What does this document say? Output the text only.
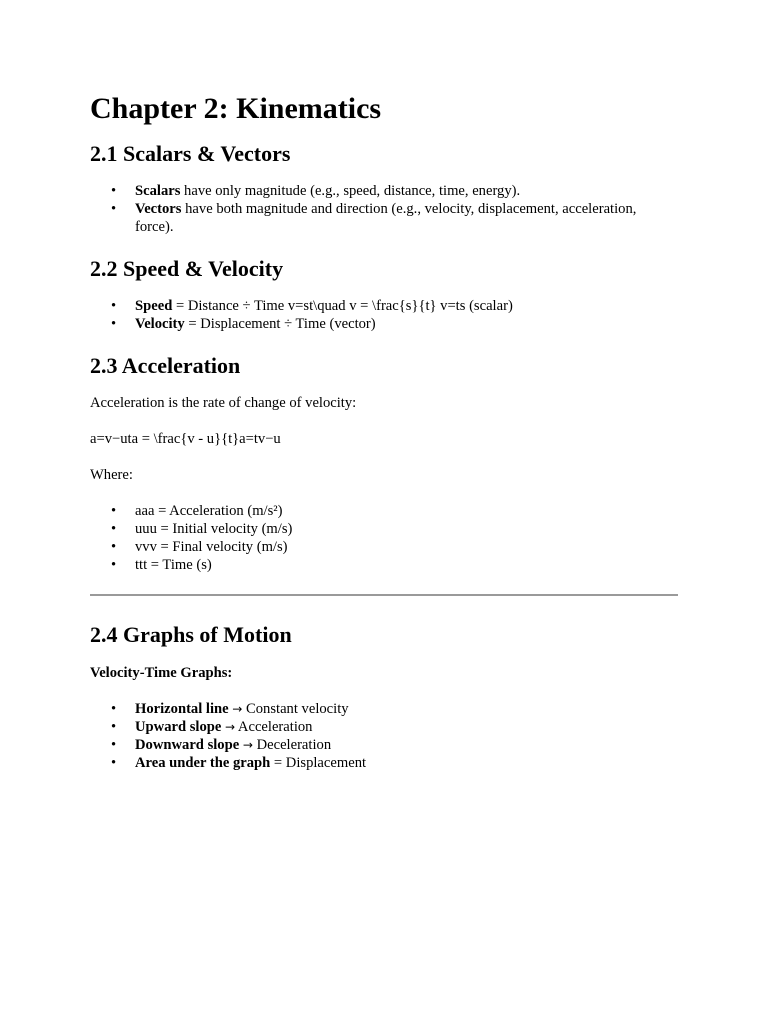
Chapter 2: Kinematics
2.1 Scalars & Vectors
• Scalars have only magnitude (e.g., speed, distance, time, energy).
• Vectors have both magnitude and direction (e.g., velocity, displacement, acceleration, force).
2.2 Speed & Velocity
• Speed = Distance ÷ Time v=st\quad v = \frac{s}{t} v=ts (scalar)
• Velocity = Displacement ÷ Time (vector)
2.3 Acceleration

Acceleration is the rate of change of velocity:

a=v−uta = \frac{v - u}{t}a=tv−u

Where:

• aaa = Acceleration (m/s²)
• uuu = Initial velocity (m/s)
• vvv = Final velocity (m/s)
• ttt = Time (s)
2.4 Graphs of Motion

Velocity-Time Graphs:

• Horizontal line → Constant velocity
• Upward slope → Acceleration
• Downward slope → Deceleration
• Area under the graph = Displacement
